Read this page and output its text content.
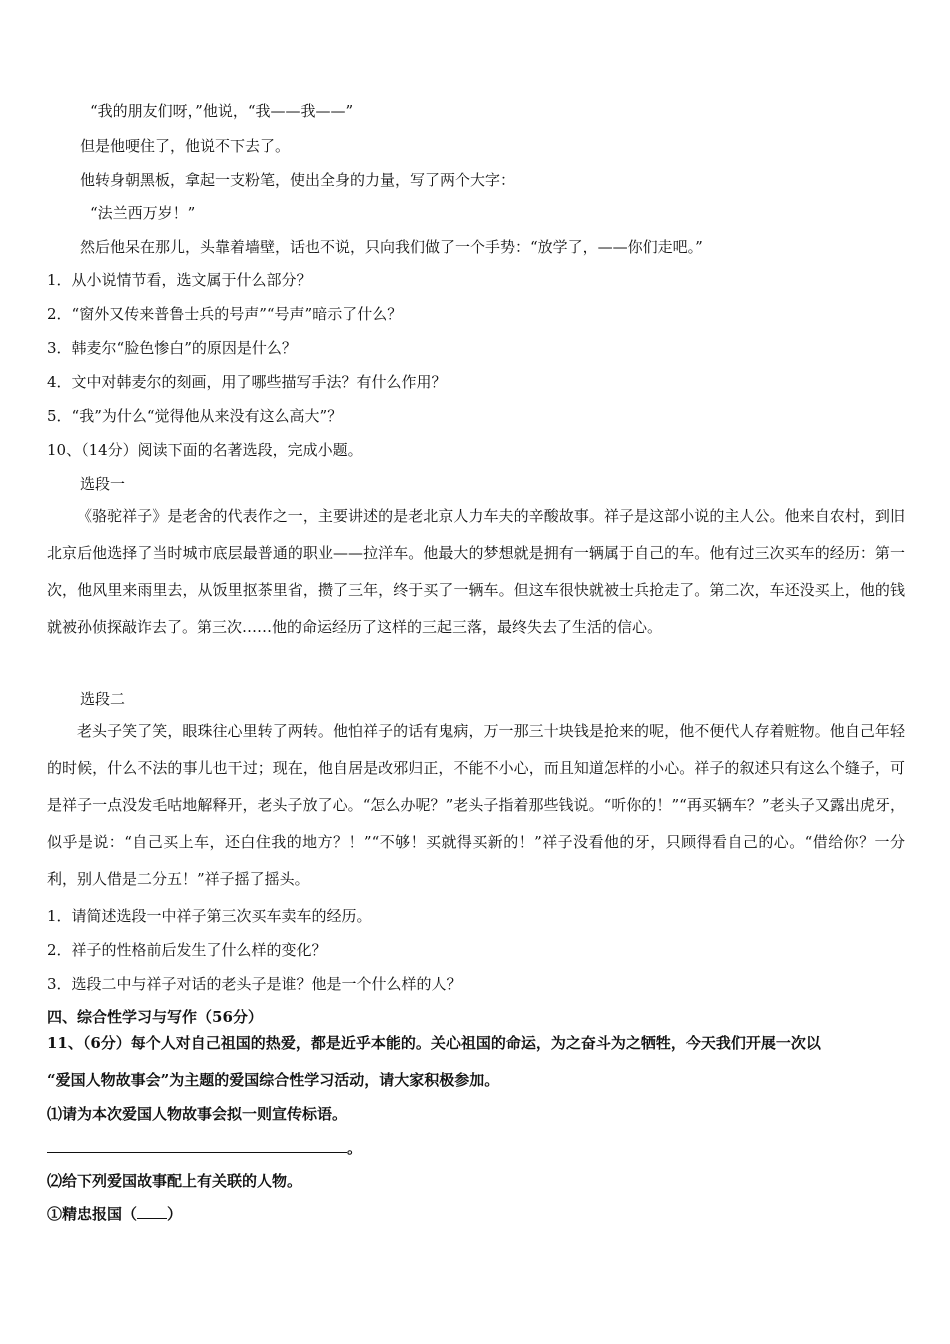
“我的朋友们呀，”他说，“我——我——”
但是他哽住了，他说不下去了。
他转身朝黑板，拿起一支粉笔，使出全身的力量，写了两个大字：
“法兰西万岁！”
然后他呆在那儿，头靠着墙壁，话也不说，只向我们做了一个手势：“放学了，——你们走吧。”
1．从小说情节看，选文属于什么部分？
2．“窗外又传来普鲁士兵的号声”“号声”暗示了什么？
3．韩麦尔“脸色惨白”的原因是什么？
4．文中对韩麦尔的刻画，用了哪些描写手法？有什么作用？
5．“我”为什么“觉得他从来没有这么高大”？
10、（14分）阅读下面的名著选段，完成小题。
选段一
《骆驼祥子》是老舍的代表作之一，主要讲述的是老北京人力车夫的辛酸故事。祥子是这部小说的主人公。他来自农村，到旧北京后他选择了当时城市底层最普通的职业——拉洋车。他最大的梦想就是拥有一辆属于自己的车。他有过三次买车的经历：第一次，他风里来雨里去，从饭里抠茶里省，攒了三年，终于买了一辆车。但这车很快就被士兵抢走了。第二次，车还没买上，他的钱就被孙侦探敲诈去了。第三次……他的命运经历了这样的三起三落，最终失去了生活的信心。
选段二
老头子笑了笑，眼珠往心里转了两转。他怕祥子的话有鬼病，万一那三十块钱是抢来的呢，他不便代人存着赃物。他自己年轻的时候，什么不法的事儿也干过；现在，他自居是改邪归正，不能不小心，而且知道怎样的小心。祥子的叙述只有这么个缝子，可是祥子一点没发毛咕地解释开，老头子放了心。“怎么办呢？”老头子指着那些钱说。“听你的！”“再买辆车？”老头子又露出虎牙，似乎是说：“自己买上车，还白住我的地方？！”“不够！买就得买新的！”祥子没看他的牙，只顾得看自己的心。“借给你？一分利，别人借是二分五！”祥子摇了摇头。
1．请简述选段一中祥子第三次买车卖车的经历。
2．祥子的性格前后发生了什么样的变化？
3．选段二中与祥子对话的老头子是谁？他是一个什么样的人？
四、综合性学习与写作（56分）
11、（6分）每个人对自己祖国的热爱，都是近乎本能的。关心祖国的命运，为之奋斗为之牺牲，今天我们开展一次以
“爱国人物故事会”为主题的爱国综合性学习活动，请大家积极参加。
⑴请为本次爱国人物故事会拟一则宣传标语。
。
⑵给下列爱国故事配上有关联的人物。
①精忠报国（ ）
